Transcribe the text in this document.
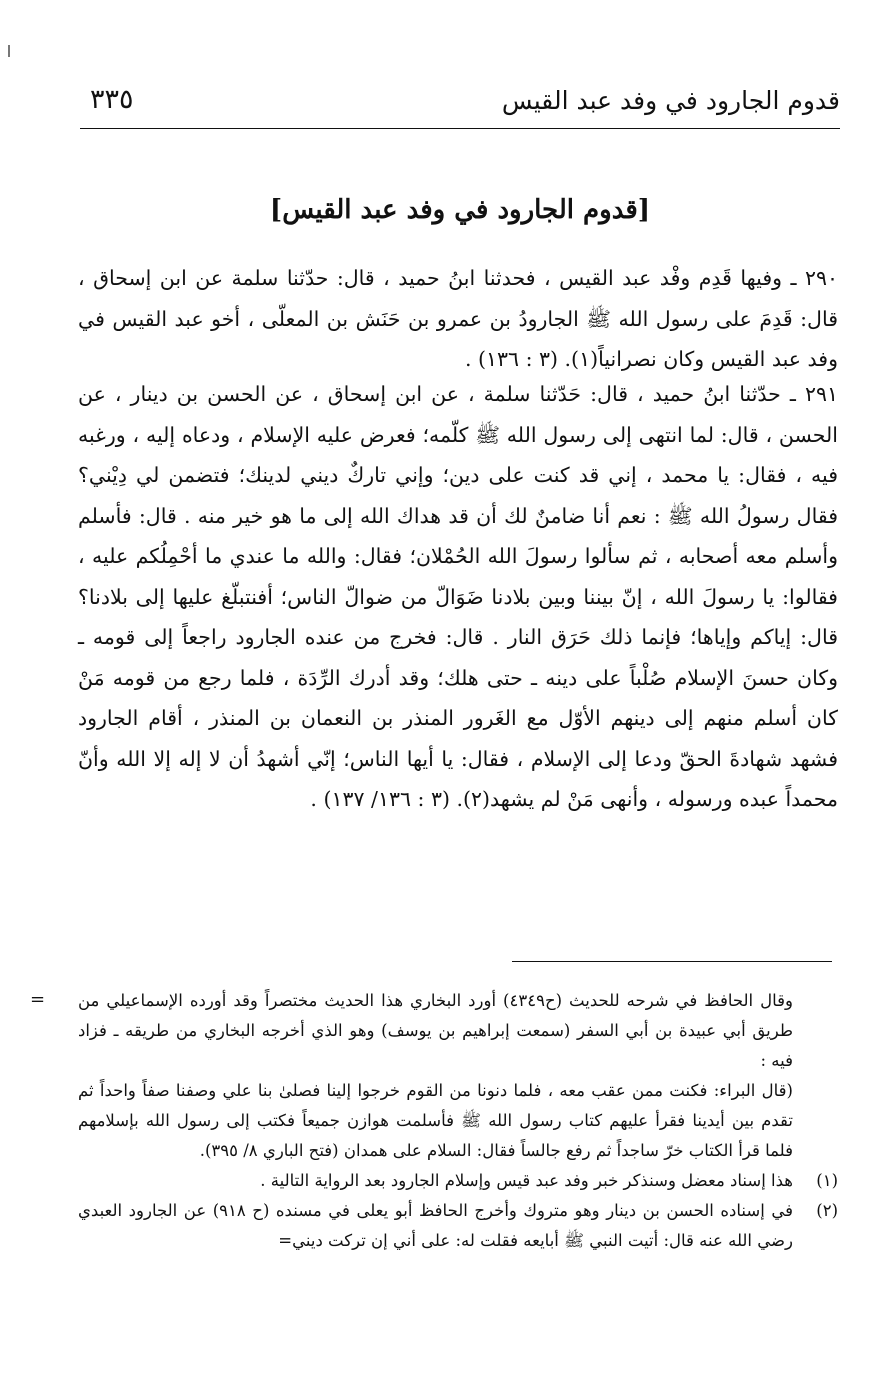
قدوم الجارود في وفد عبد القيس
٣٣٥
[قدوم الجارود في وفد عبد القيس]

٢٩٠ ـ وفيها قَدِم وفْد عبد القيس ، فحدثنا ابنُ حميد ، قال: حدّثنا سلمة عن ابن إسحاق ، قال: قَدِمَ على رسول الله ﷺ الجارودُ بن عمرو بن حَنَش بن المعلّى ، أخو عبد القيس في وفد عبد القيس وكان نصرانياً(١). (٣ : ١٣٦) .

٢٩١ ـ حدّثنا ابنُ حميد ، قال: حَدّثنا سلمة ، عن ابن إسحاق ، عن الحسن بن دينار ، عن الحسن ، قال: لما انتهى إلى رسول الله ﷺ كلّمه؛ فعرض عليه الإسلام ، ودعاه إليه ، ورغبه فيه ، فقال: يا محمد ، إني قد كنت على دين؛ وإني تاركٌ ديني لدينك؛ فتضمن لي دِيْني؟ فقال رسولُ الله ﷺ : نعم أنا ضامنٌ لك أن قد هداك الله إلى ما هو خير منه . قال: فأسلم وأسلم معه أصحابه ، ثم سألوا رسولَ الله الحُمْلان؛ فقال: والله ما عندي ما أحْمِلُكم عليه ، فقالوا: يا رسولَ الله ، إنّ بيننا وبين بلادنا ضَوَالّ من ضوالّ الناس؛ أفنتبلّغ عليها إلى بلادنا؟ قال: إياكم وإياها؛ فإنما ذلك حَرَق النار . قال: فخرج من عنده الجارود راجعاً إلى قومه ـ وكان حسنَ الإسلام صُلْباً على دينه ـ حتى هلك؛ وقد أدرك الرِّدَة ، فلما رجع من قومه مَنْ كان أسلم منهم إلى دينهم الأوّل مع الغَرور المنذر بن النعمان بن المنذر ، أقام الجارود فشهد شهادةَ الحقّ ودعا إلى الإسلام ، فقال: يا أيها الناس؛ إنّي أشهدُ أن لا إله إلا الله وأنّ محمداً عبده ورسوله ، وأنهى مَنْ لم يشهد(٢). (٣ : ١٣٦/ ١٣٧) .

= وقال الحافظ في شرحه للحديث (ح٤٣٤٩) أورد البخاري هذا الحديث مختصراً وقد أورده الإسماعيلي من طريق أبي عبيدة بن أبي السفر (سمعت إبراهيم بن يوسف) وهو الذي أخرجه البخاري من طريقه ـ فزاد فيه :

(قال البراء: فكنت ممن عقب معه ، فلما دنونا من القوم خرجوا إلينا فصلىٰ بنا علي وصفنا صفاً واحداً ثم تقدم بين أيدينا فقرأ عليهم كتاب رسول الله ﷺ فأسلمت هوازن جميعاً فكتب إلى رسول الله بإسلامهم فلما قرأ الكتاب خرّ ساجداً ثم رفع جالساً فقال: السلام على همدان (فتح الباري ٨/ ٣٩٥).

(١)

هذا إسناد معضل وسنذكر خبر وفد عبد قيس وإسلام الجارود بعد الرواية التالية .

(٢)

في إسناده الحسن بن دينار وهو متروك وأخرج الحافظ أبو يعلى في مسنده (ح ٩١٨) عن الجارود العبدي رضي الله عنه قال: أتيت النبي ﷺ أبايعه فقلت له: على أني إن تركت ديني=
